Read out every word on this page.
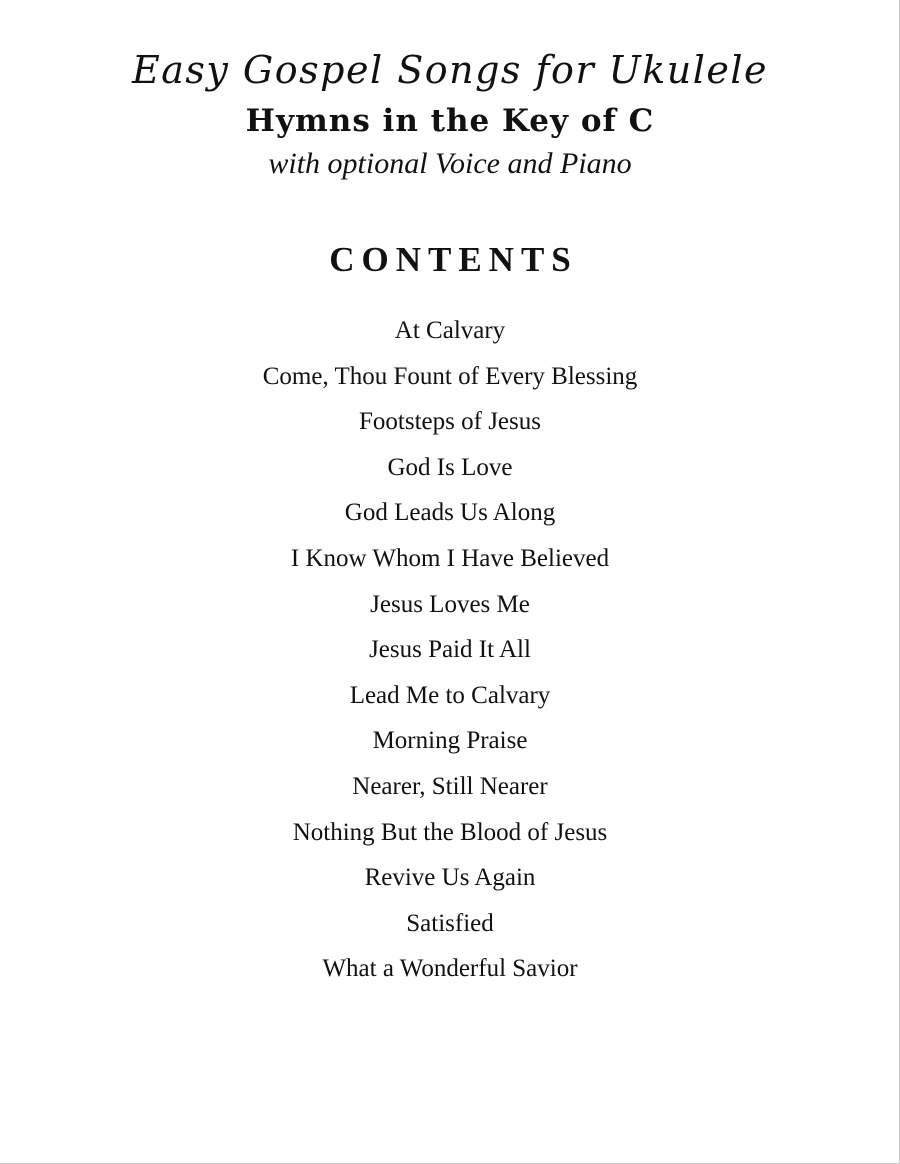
Easy Gospel Songs for Ukulele
Hymns in the Key of C

with optional Voice and Piano

CONTENTS
At Calvary
Come, Thou Fount of Every Blessing
Footsteps of Jesus
God Is Love
God Leads Us Along
I Know Whom I Have Believed
Jesus Loves Me
Jesus Paid It All
Lead Me to Calvary
Morning Praise
Nearer, Still Nearer
Nothing But the Blood of Jesus
Revive Us Again
Satisfied
What a Wonderful Savior
